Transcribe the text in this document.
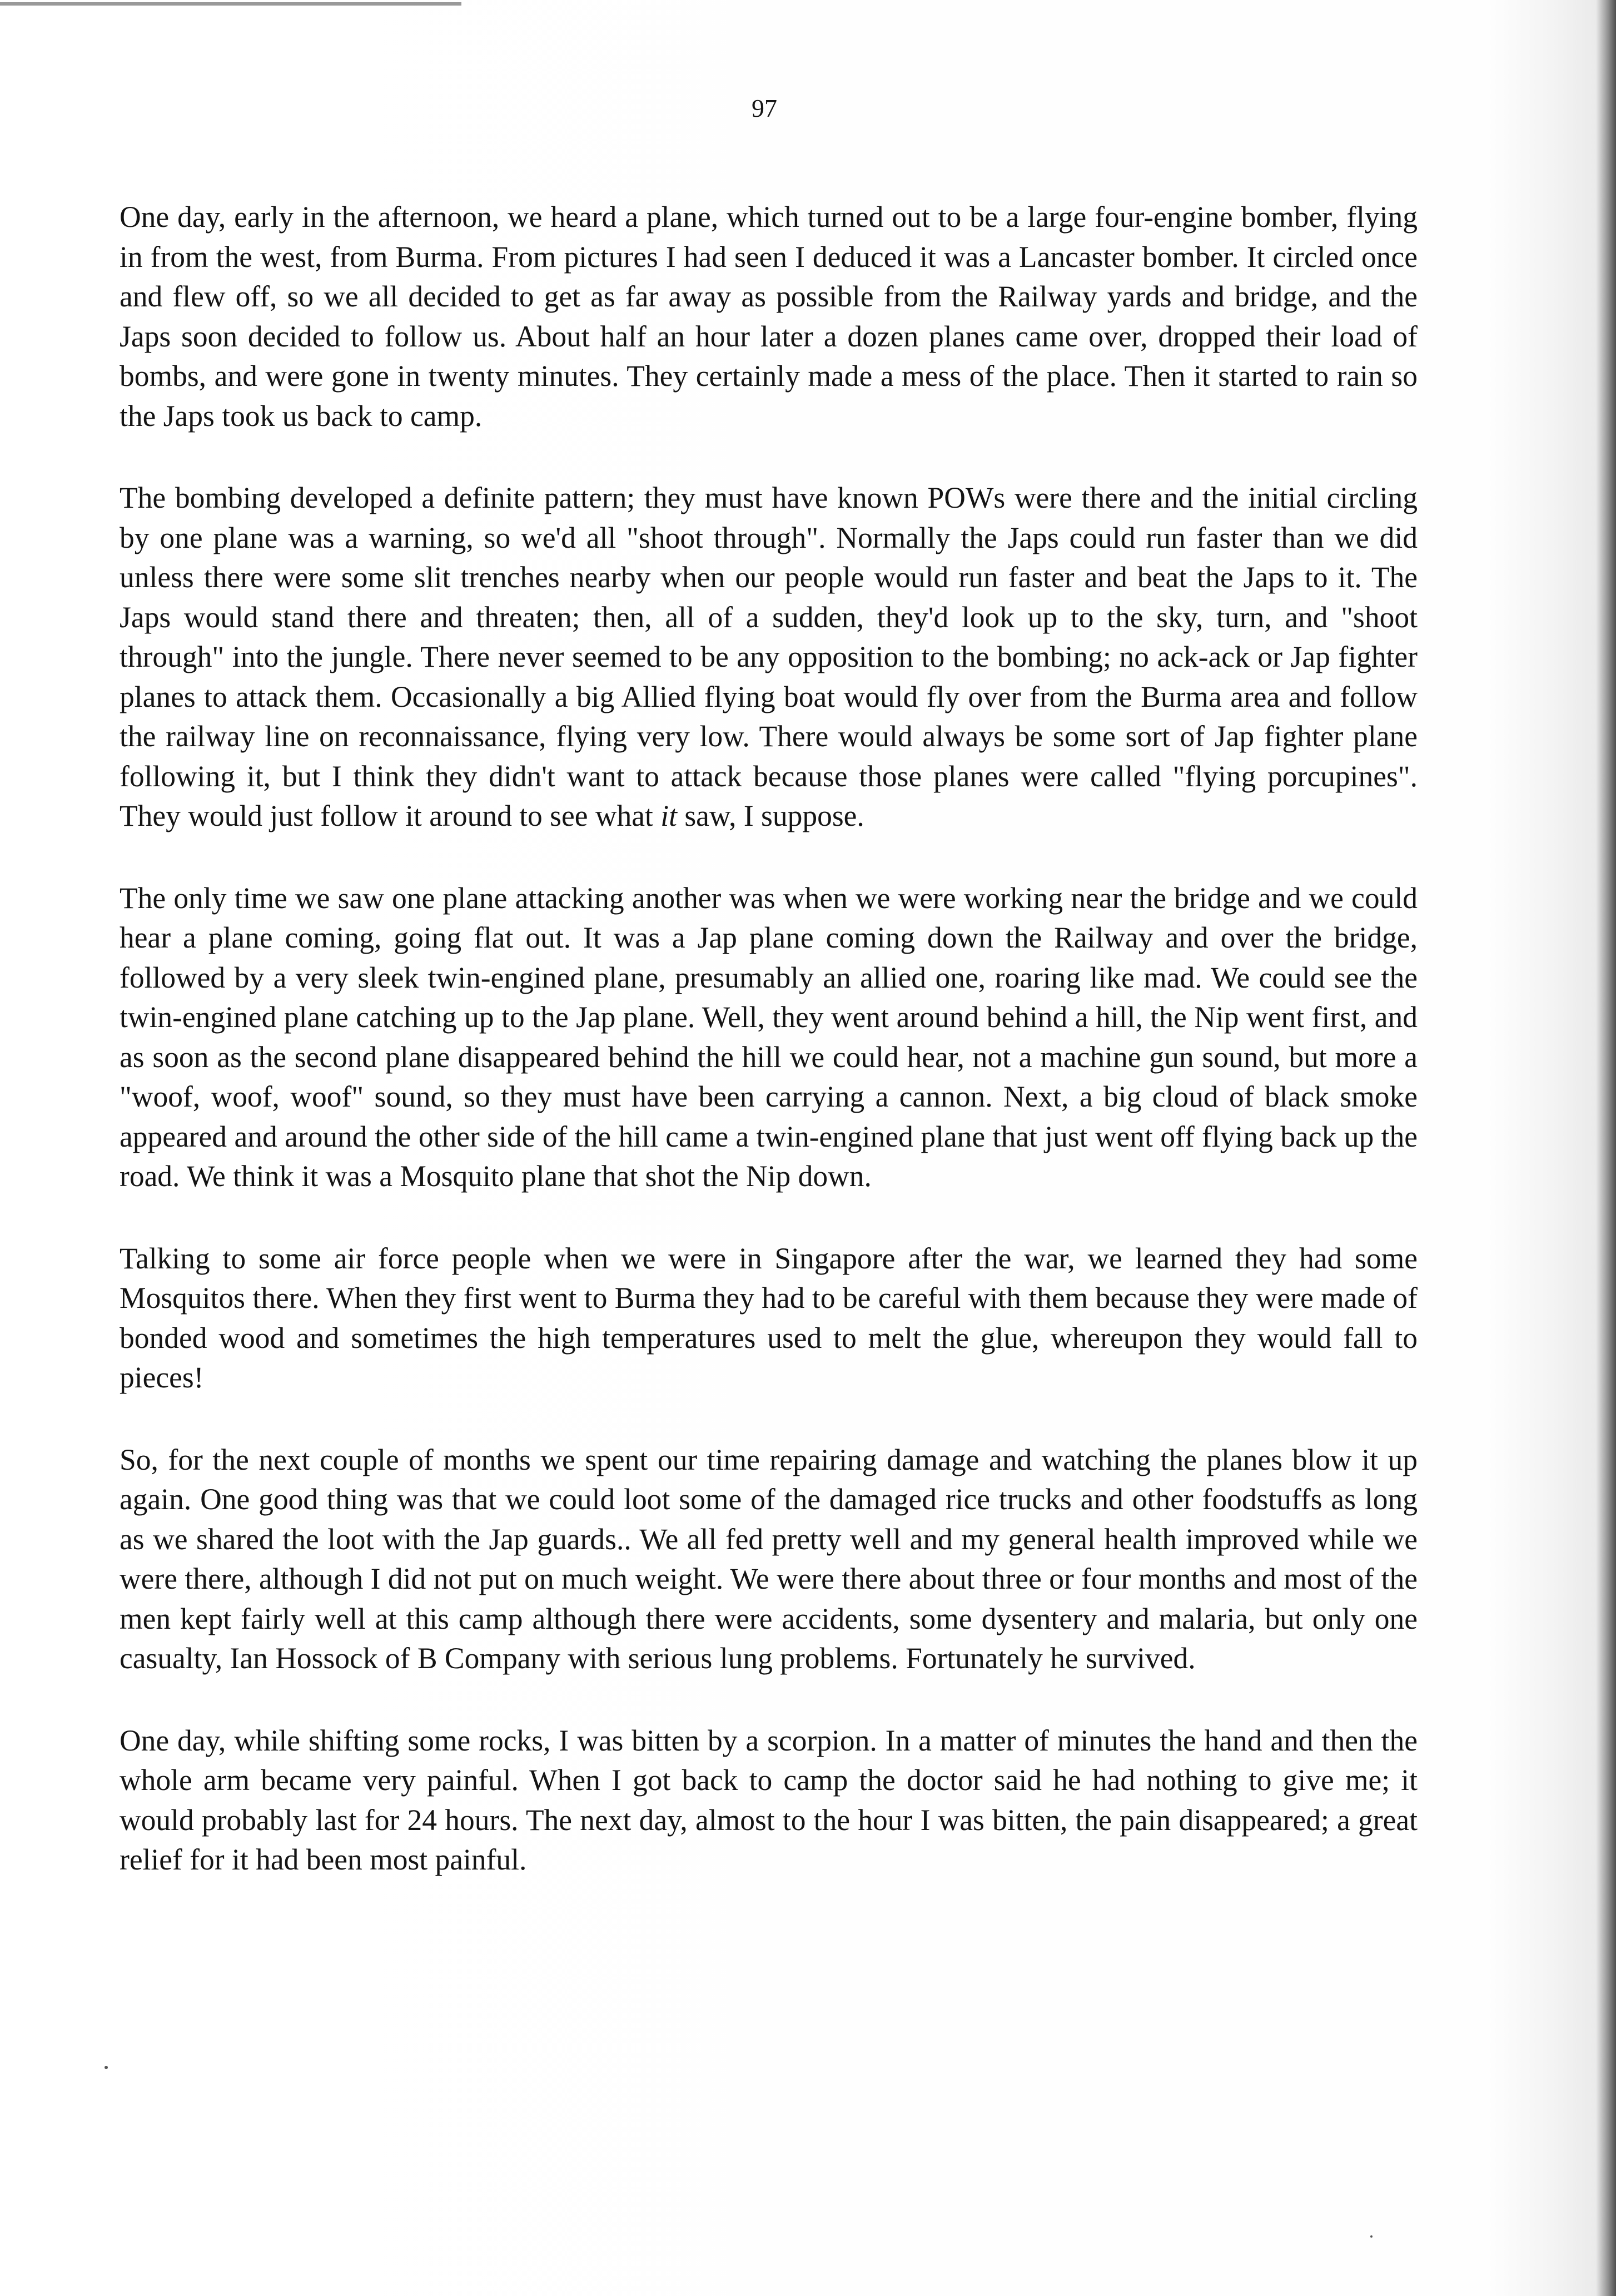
97

One day, early in the afternoon, we heard a plane, which turned out to be a large four-engine bomber, flying in from the west, from Burma. From pictures I had seen I deduced it was a Lancaster bomber. It circled once and flew off, so we all decided to get as far away as possible from the Railway yards and bridge, and the Japs soon decided to follow us. About half an hour later a dozen planes came over, dropped their load of bombs, and were gone in twenty minutes. They certainly made a mess of the place. Then it started to rain so the Japs took us back to camp.

The bombing developed a definite pattern; they must have known POWs were there and the initial circling by one plane was a warning, so we'd all "shoot through". Normally the Japs could run faster than we did unless there were some slit trenches nearby when our people would run faster and beat the Japs to it. The Japs would stand there and threaten; then, all of a sudden, they'd look up to the sky, turn, and "shoot through" into the jungle. There never seemed to be any opposition to the bombing; no ack-ack or Jap fighter planes to attack them. Occasionally a big Allied flying boat would fly over from the Burma area and follow the railway line on reconnaissance, flying very low. There would always be some sort of Jap fighter plane following it, but I think they didn't want to attack because those planes were called "flying porcupines". They would just follow it around to see what it saw, I suppose.

The only time we saw one plane attacking another was when we were working near the bridge and we could hear a plane coming, going flat out. It was a Jap plane coming down the Railway and over the bridge, followed by a very sleek twin-engined plane, presumably an allied one, roaring like mad. We could see the twin-engined plane catching up to the Jap plane. Well, they went around behind a hill, the Nip went first, and as soon as the second plane disappeared behind the hill we could hear, not a machine gun sound, but more a "woof, woof, woof" sound, so they must have been carrying a cannon. Next, a big cloud of black smoke appeared and around the other side of the hill came a twin-engined plane that just went off flying back up the road. We think it was a Mosquito plane that shot the Nip down.

Talking to some air force people when we were in Singapore after the war, we learned they had some Mosquitos there. When they first went to Burma they had to be careful with them because they were made of bonded wood and sometimes the high temperatures used to melt the glue, whereupon they would fall to pieces!

So, for the next couple of months we spent our time repairing damage and watching the planes blow it up again. One good thing was that we could loot some of the damaged rice trucks and other foodstuffs as long as we shared the loot with the Jap guards.. We all fed pretty well and my general health improved while we were there, although I did not put on much weight. We were there about three or four months and most of the men kept fairly well at this camp although there were accidents, some dysentery and malaria, but only one casualty, Ian Hossock of B Company with serious lung problems. Fortunately he survived.

One day, while shifting some rocks, I was bitten by a scorpion. In a matter of minutes the hand and then the whole arm became very painful. When I got back to camp the doctor said he had nothing to give me; it would probably last for 24 hours. The next day, almost to the hour I was bitten, the pain disappeared; a great relief for it had been most painful.
